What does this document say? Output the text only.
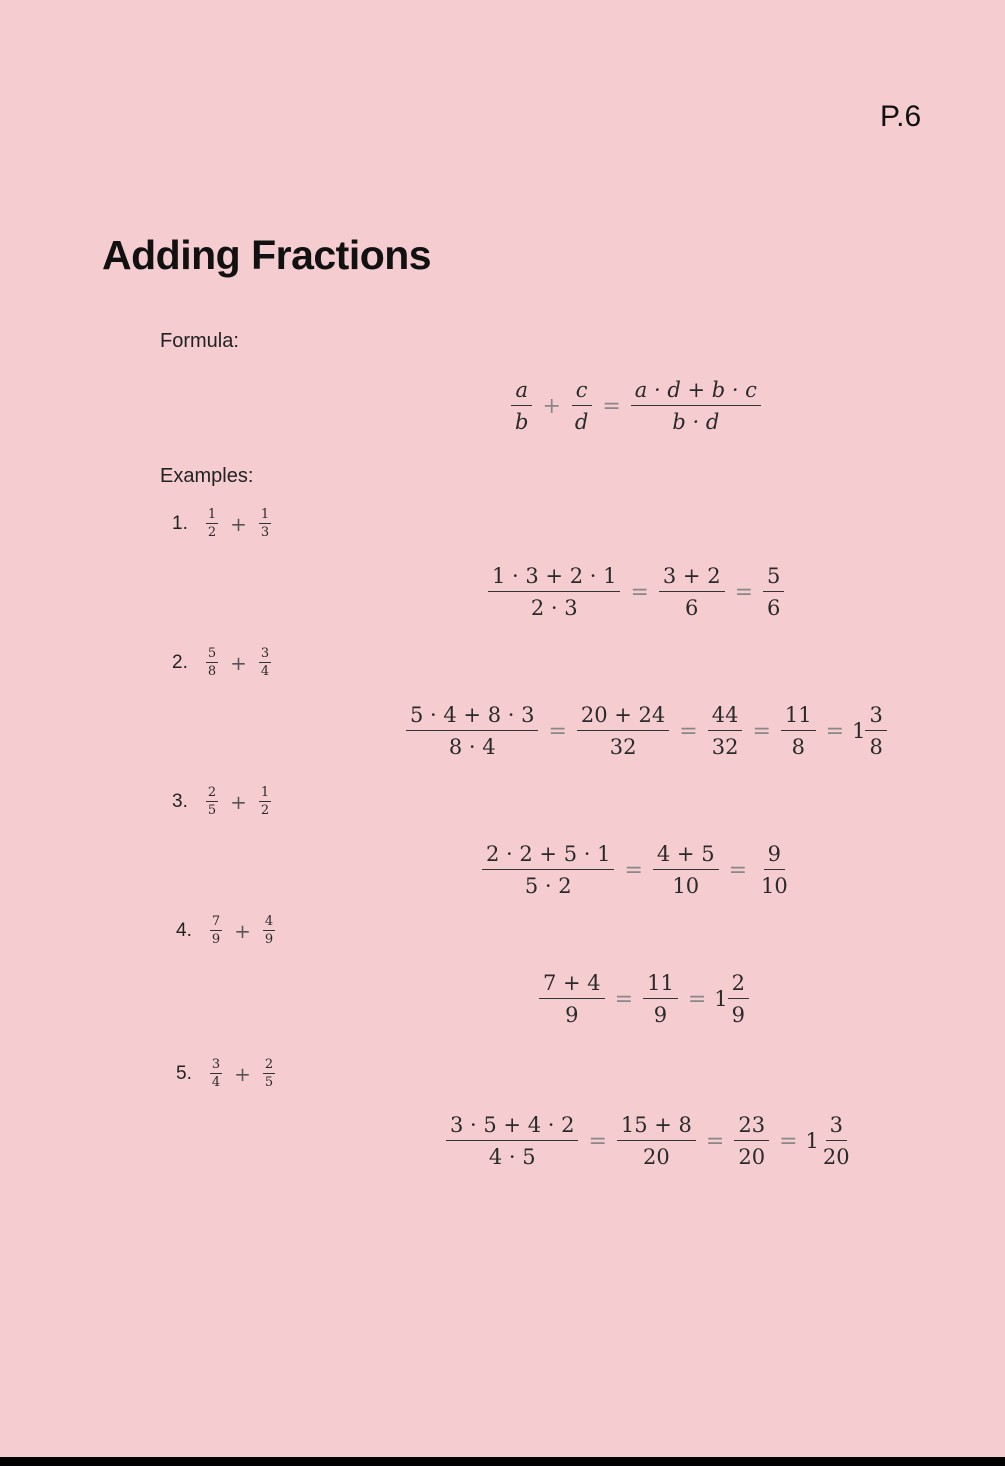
P.6
Adding Fractions
Formula:
$\frac{a}{b} + \frac{c}{d} = \frac{a \cdot d + b \cdot c}{b \cdot d}$
Examples:
1. $\frac{1}{2} + \frac{1}{3}$
$\frac{1 \cdot 3 + 2 \cdot 1}{2 \cdot 3} = \frac{3 + 2}{6} = \frac{5}{6}$
2. $\frac{5}{8} + \frac{3}{4}$
$\frac{5 \cdot 4 + 8 \cdot 3}{8 \cdot 4} = \frac{20 + 24}{32} = \frac{44}{32} = \frac{11}{8} = 1 \frac{3}{8}$
3. $\frac{2}{5} + \frac{1}{2}$
$\frac{2 \cdot 2 + 5 \cdot 1}{5 \cdot 2} = \frac{4 + 5}{10} = \frac{9}{10}$
4. $\frac{7}{9} + \frac{4}{9}$
$\frac{7 + 4}{9} = \frac{11}{9} = 1 \frac{2}{9}$
5. $\frac{3}{4} + \frac{2}{5}$
$\frac{3 \cdot 5 + 4 \cdot 2}{4 \cdot 5} = \frac{15 + 8}{20} = \frac{23}{20} = 1 \frac{3}{20}$
